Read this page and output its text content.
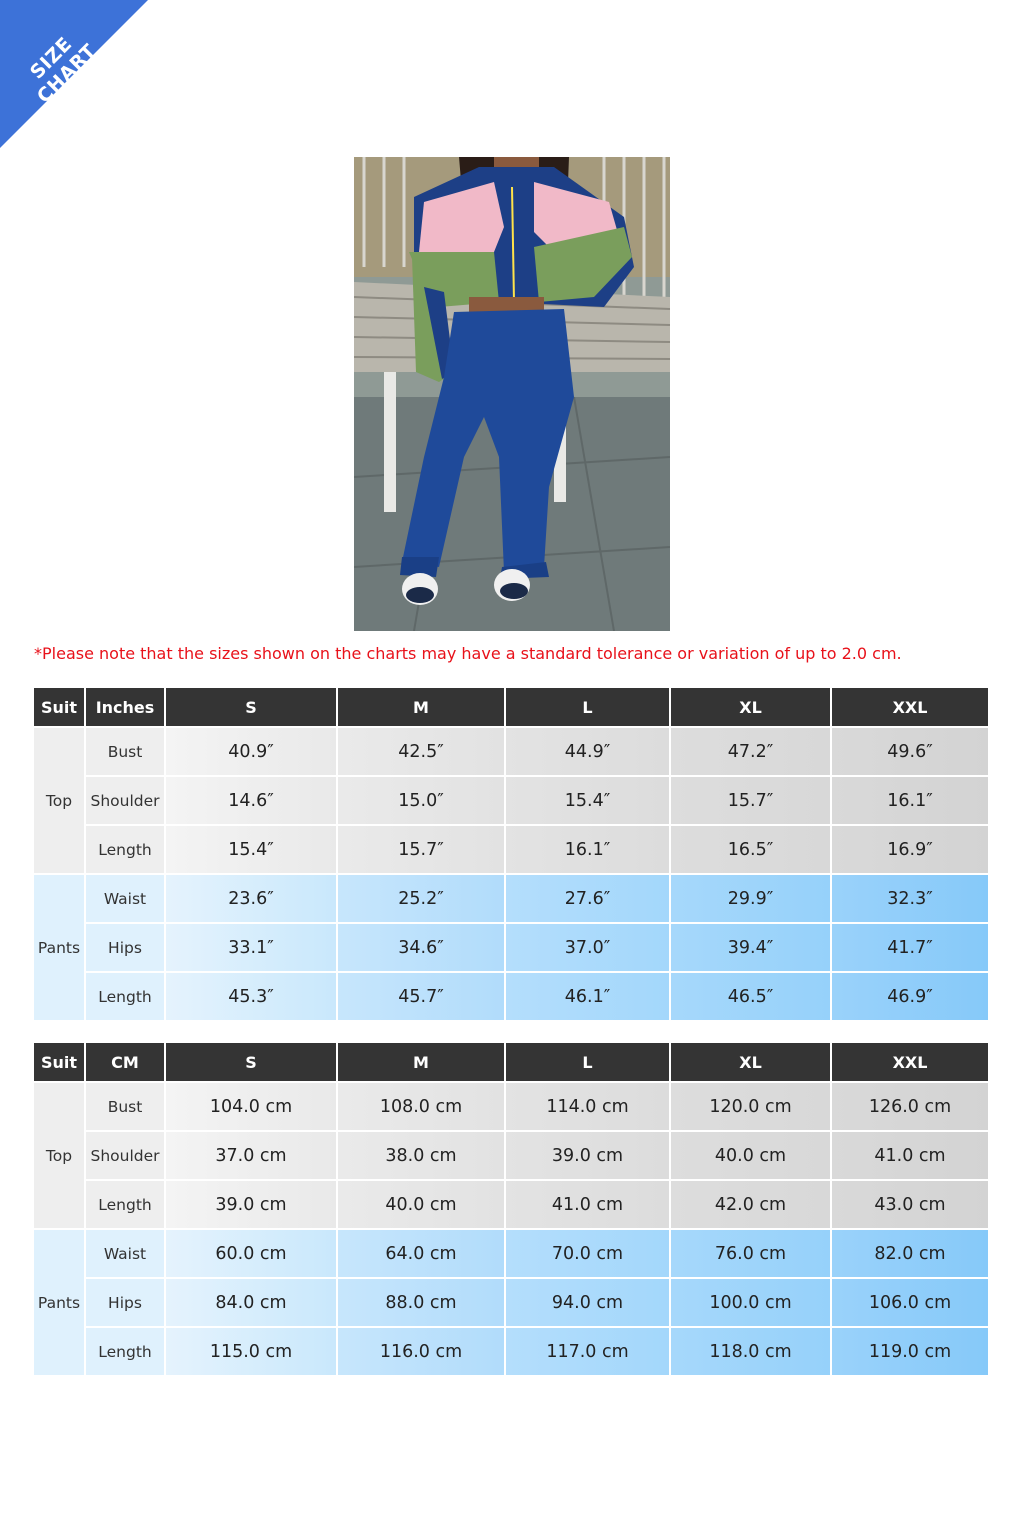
SIZE CHART
*Please note that the sizes shown on the charts may have a standard tolerance or variation of up to 2.0 cm.
Suit	Inches	S	M	L	XL	XXL
Top	Bust	40.9″	42.5″	44.9″	47.2″	49.6″
	Shoulder	14.6″	15.0″	15.4″	15.7″	16.1″
	Length	15.4″	15.7″	16.1″	16.5″	16.9″
Pants	Waist	23.6″	25.2″	27.6″	29.9″	32.3″
	Hips	33.1″	34.6″	37.0″	39.4″	41.7″
	Length	45.3″	45.7″	46.1″	46.5″	46.9″
Suit	CM	S	M	L	XL	XXL
Top	Bust	104.0 cm	108.0 cm	114.0 cm	120.0 cm	126.0 cm
	Shoulder	37.0 cm	38.0 cm	39.0 cm	40.0 cm	41.0 cm
	Length	39.0 cm	40.0 cm	41.0 cm	42.0 cm	43.0 cm
Pants	Waist	60.0 cm	64.0 cm	70.0 cm	76.0 cm	82.0 cm
	Hips	84.0 cm	88.0 cm	94.0 cm	100.0 cm	106.0 cm
	Length	115.0 cm	116.0 cm	117.0 cm	118.0 cm	119.0 cm
